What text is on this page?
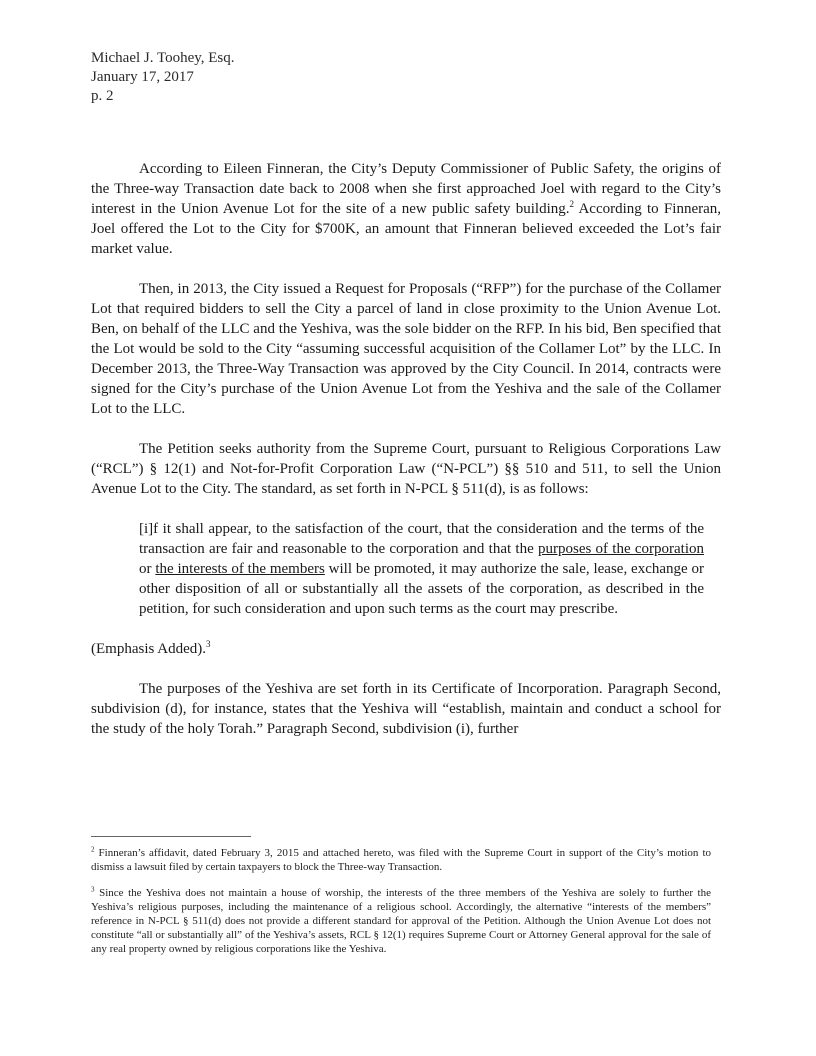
Michael J. Toohey, Esq.
January 17, 2017
p. 2

According to Eileen Finneran, the City’s Deputy Commissioner of Public Safety, the origins of the Three-way Transaction date back to 2008 when she first approached Joel with regard to the City’s interest in the Union Avenue Lot for the site of a new public safety building.$^2$ According to Finneran, Joel offered the Lot to the City for $700K, an amount that Finneran believed exceeded the Lot’s fair market value.

Then, in 2013, the City issued a Request for Proposals (“RFP”) for the purchase of the Collamer Lot that required bidders to sell the City a parcel of land in close proximity to the Union Avenue Lot. Ben, on behalf of the LLC and the Yeshiva, was the sole bidder on the RFP. In his bid, Ben specified that the Lot would be sold to the City “assuming successful acquisition of the Collamer Lot” by the LLC. In December 2013, the Three-Way Transaction was approved by the City Council. In 2014, contracts were signed for the City’s purchase of the Union Avenue Lot from the Yeshiva and the sale of the Collamer Lot to the LLC.

The Petition seeks authority from the Supreme Court, pursuant to Religious Corporations Law (“RCL”) § 12(1) and Not-for-Profit Corporation Law (“N-PCL”) §§ 510 and 511, to sell the Union Avenue Lot to the City. The standard, as set forth in N-PCL § 511(d), is as follows:

[i]f it shall appear, to the satisfaction of the court, that the consideration and the terms of the transaction are fair and reasonable to the corporation and that the purposes of the corporation or the interests of the members will be promoted, it may authorize the sale, lease, exchange or other disposition of all or substantially all the assets of the corporation, as described in the petition, for such consideration and upon such terms as the court may prescribe.

(Emphasis Added).$^3$

The purposes of the Yeshiva are set forth in its Certificate of Incorporation. Paragraph Second, subdivision (d), for instance, states that the Yeshiva will “establish, maintain and conduct a school for the study of the holy Torah.” Paragraph Second, subdivision (i), further

$^2$ Finneran’s affidavit, dated February 3, 2015 and attached hereto, was filed with the Supreme Court in support of the City’s motion to dismiss a lawsuit filed by certain taxpayers to block the Three-way Transaction.

$^3$ Since the Yeshiva does not maintain a house of worship, the interests of the three members of the Yeshiva are solely to further the Yeshiva’s religious purposes, including the maintenance of a religious school. Accordingly, the alternative “interests of the members” reference in N-PCL § 511(d) does not provide a different standard for approval of the Petition. Although the Union Avenue Lot does not constitute “all or substantially all” of the Yeshiva’s assets, RCL § 12(1) requires Supreme Court or Attorney General approval for the sale of any real property owned by religious corporations like the Yeshiva.
